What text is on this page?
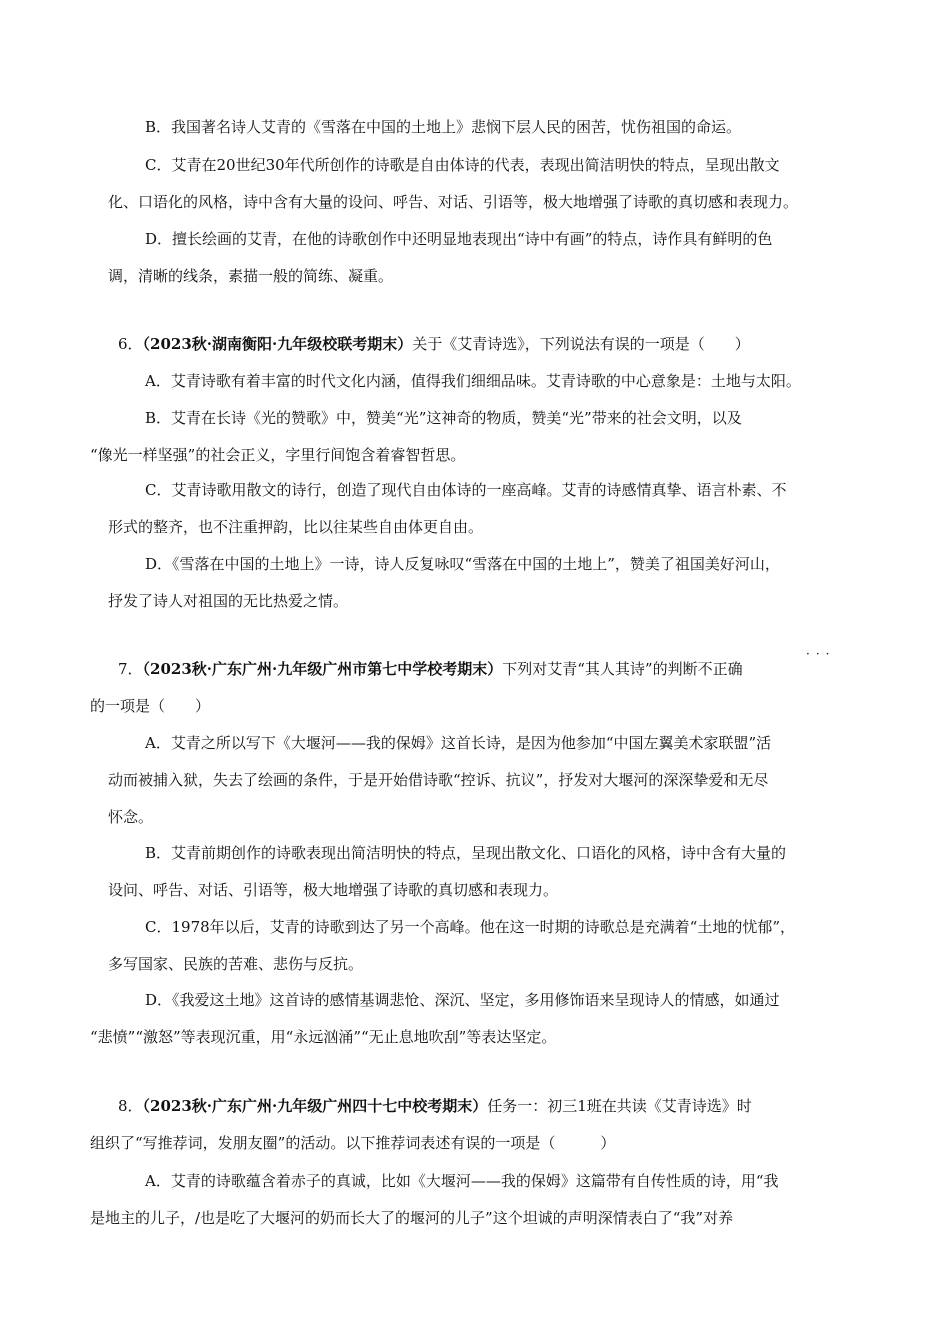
B．我国著名诗人艾青的《雪落在中国的土地上》悲悯下层人民的困苦，忧伤祖国的命运。
C．艾青在20世纪30年代所创作的诗歌是自由体诗的代表，表现出简洁明快的特点，呈现出散文
化、口语化的风格，诗中含有大量的设问、呼告、对话、引语等，极大地增强了诗歌的真切感和表现力。
D．擅长绘画的艾青，在他的诗歌创作中还明显地表现出“诗中有画”的特点，诗作具有鲜明的色
调，清晰的线条，素描一般的简练、凝重。
6．（2023秋·湖南衡阳·九年级校联考期末）关于《艾青诗选》，下列说法有误的一项是（　　）
A．艾青诗歌有着丰富的时代文化内涵，值得我们细细品味。艾青诗歌的中心意象是：土地与太阳。
B．艾青在长诗《光的赞歌》中，赞美“光”这神奇的物质，赞美“光”带来的社会文明，以及
“像光一样坚强”的社会正义，字里行间饱含着睿智哲思。
C．艾青诗歌用散文的诗行，创造了现代自由体诗的一座高峰。艾青的诗感情真挚、语言朴素、不
形式的整齐，也不注重押韵，比以往某些自由体更自由。
D．《雪落在中国的土地上》一诗，诗人反复咏叹“雪落在中国的土地上”，赞美了祖国美好河山，
抒发了诗人对祖国的无比热爱之情。
···
7．（2023秋·广东广州·九年级广州市第七中学校考期末）下列对艾青“其人其诗”的判断不正确
的一项是（　　）
A．艾青之所以写下《大堰河——我的保姆》这首长诗，是因为他参加“中国左翼美术家联盟”活
动而被捕入狱，失去了绘画的条件，于是开始借诗歌“控诉、抗议”，抒发对大堰河的深深挚爱和无尽
怀念。
B．艾青前期创作的诗歌表现出简洁明快的特点，呈现出散文化、口语化的风格，诗中含有大量的
设问、呼告、对话、引语等，极大地增强了诗歌的真切感和表现力。
C．1978年以后，艾青的诗歌到达了另一个高峰。他在这一时期的诗歌总是充满着“土地的忧郁”，
多写国家、民族的苦难、悲伤与反抗。
D．《我爱这土地》这首诗的感情基调悲怆、深沉、坚定，多用修饰语来呈现诗人的情感，如通过
“悲愤”“激怒”等表现沉重，用“永远汹涌”“无止息地吹刮”等表达坚定。
8．（2023秋·广东广州·九年级广州四十七中校考期末）任务一：初三1班在共读《艾青诗选》时
组织了“写推荐词，发朋友圈”的活动。以下推荐词表述有误的一项是（　　　）
A．艾青的诗歌蕴含着赤子的真诚，比如《大堰河——我的保姆》这篇带有自传性质的诗，用“我
是地主的儿子，/也是吃了大堰河的奶而长大了的堰河的儿子”这个坦诚的声明深情表白了“我”对养
